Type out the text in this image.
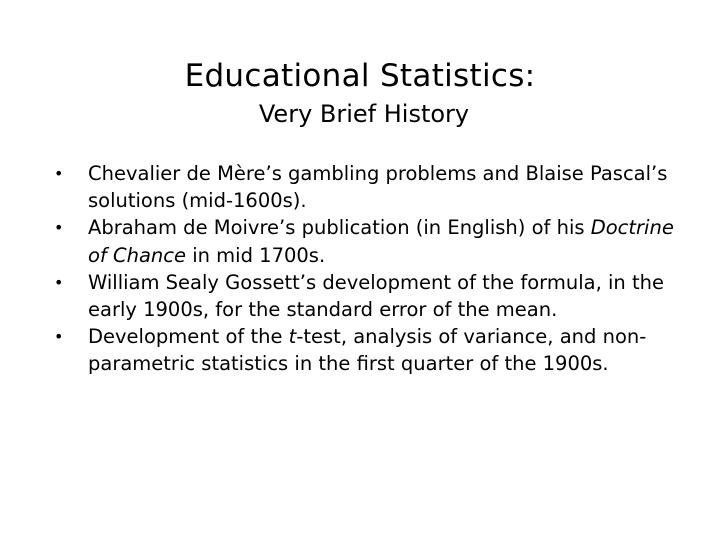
Educational Statistics:
Very Brief History
• Chevalier de Mère’s gambling problems and Blaise Pascal’s solutions (mid-1600s).
• Abraham de Moivre’s publication (in English) of his Doctrine of Chance in mid 1700s.
• William Sealy Gossett’s development of the formula, in the early 1900s, for the standard error of the mean.
• Development of the t-test, analysis of variance, and non-parametric statistics in the first quarter of the 1900s.
